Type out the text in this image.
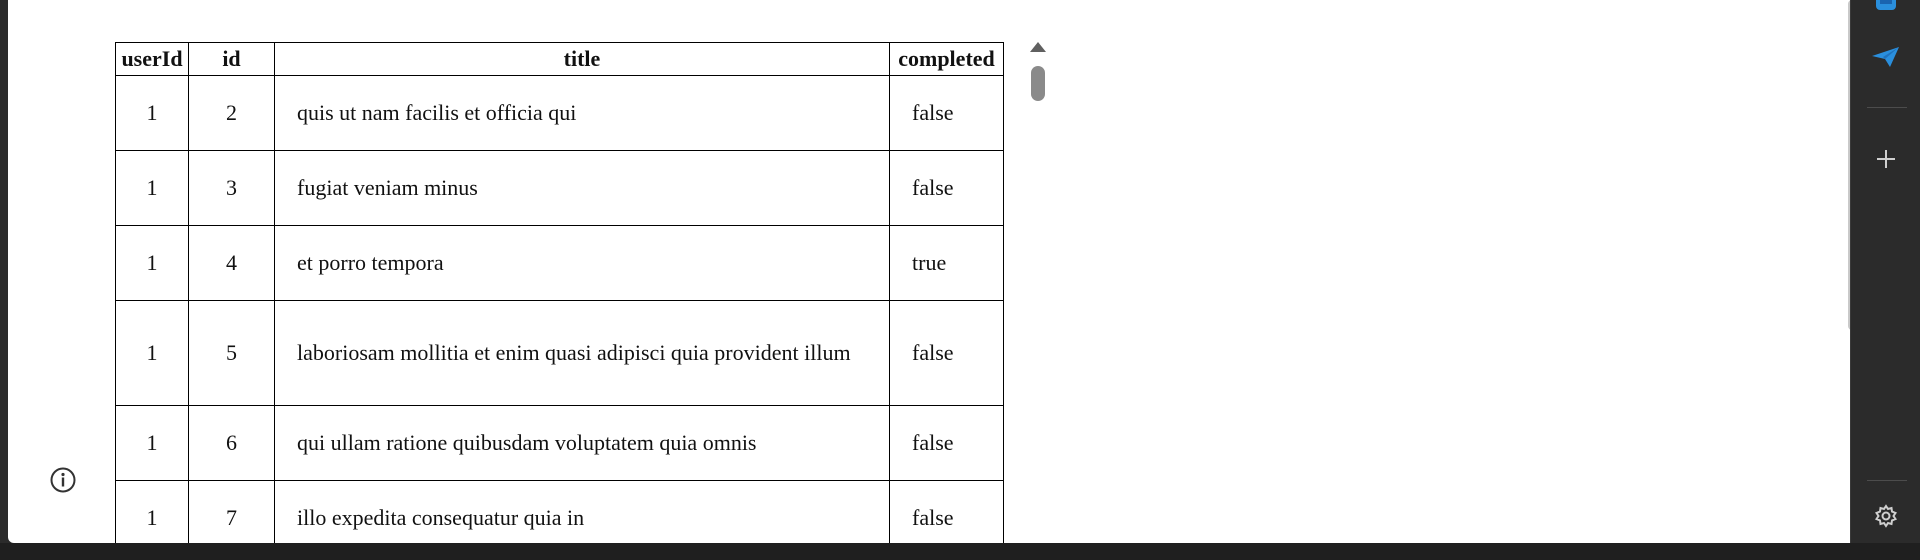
userId	id	title	completed
1	2	quis ut nam facilis et officia qui	false
1	3	fugiat veniam minus	false
1	4	et porro tempora	true
1	5	laboriosam mollitia et enim quasi adipisci quia provident illum	false
1	6	qui ullam ratione quibusdam voluptatem quia omnis	false
1	7	illo expedita consequatur quia in	false
